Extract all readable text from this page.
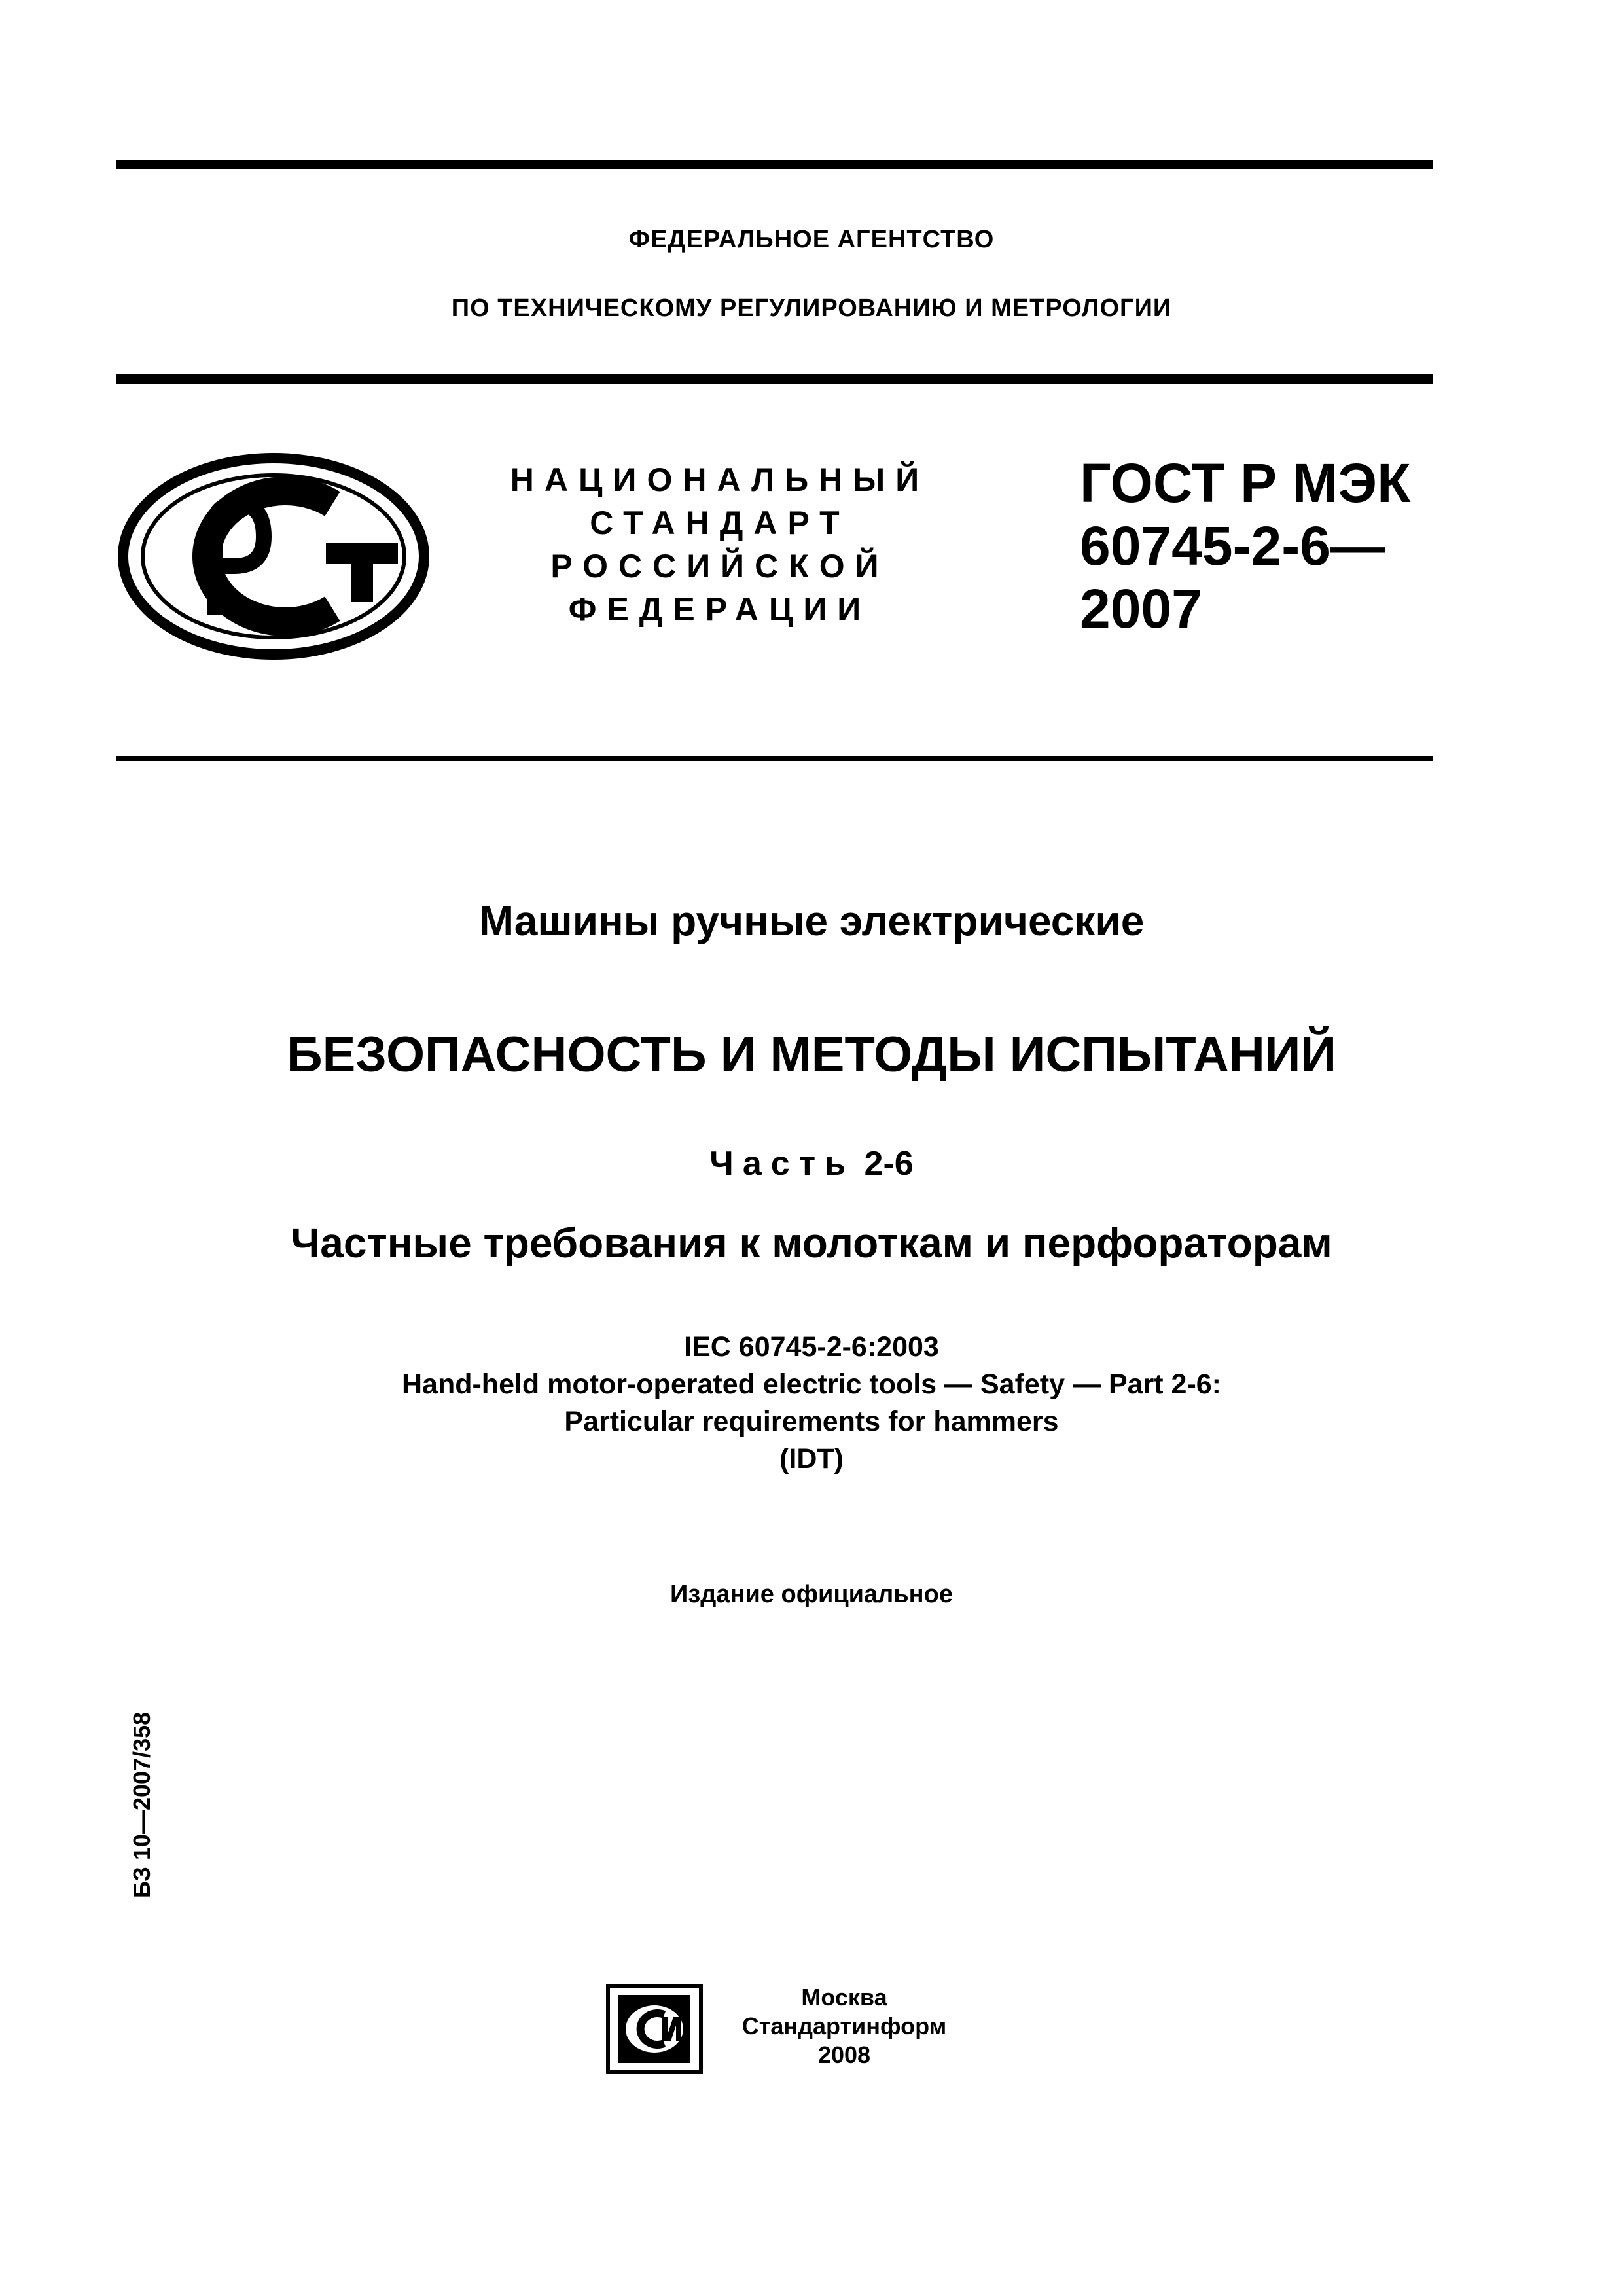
ФЕДЕРАЛЬНОЕ АГЕНТСТВО
ПО ТЕХНИЧЕСКОМУ РЕГУЛИРОВАНИЮ И МЕТРОЛОГИИ
НАЦИОНАЛЬНЫЙ
СТАНДАРТ
РОССИЙСКОЙ
ФЕДЕРАЦИИ
ГОСТ Р МЭК
60745-2-6—
2007
Машины ручные электрические
БЕЗОПАСНОСТЬ И МЕТОДЫ ИСПЫТАНИЙ
Часть 2-6
Частные требования к молоткам и перфораторам
IEC 60745-2-6:2003
Hand-held motor-operated electric tools — Safety — Part 2-6:
Particular requirements for hammers
(IDT)
Издание официальное
БЗ 10—2007/358
Москва
Стандартинформ
2008
